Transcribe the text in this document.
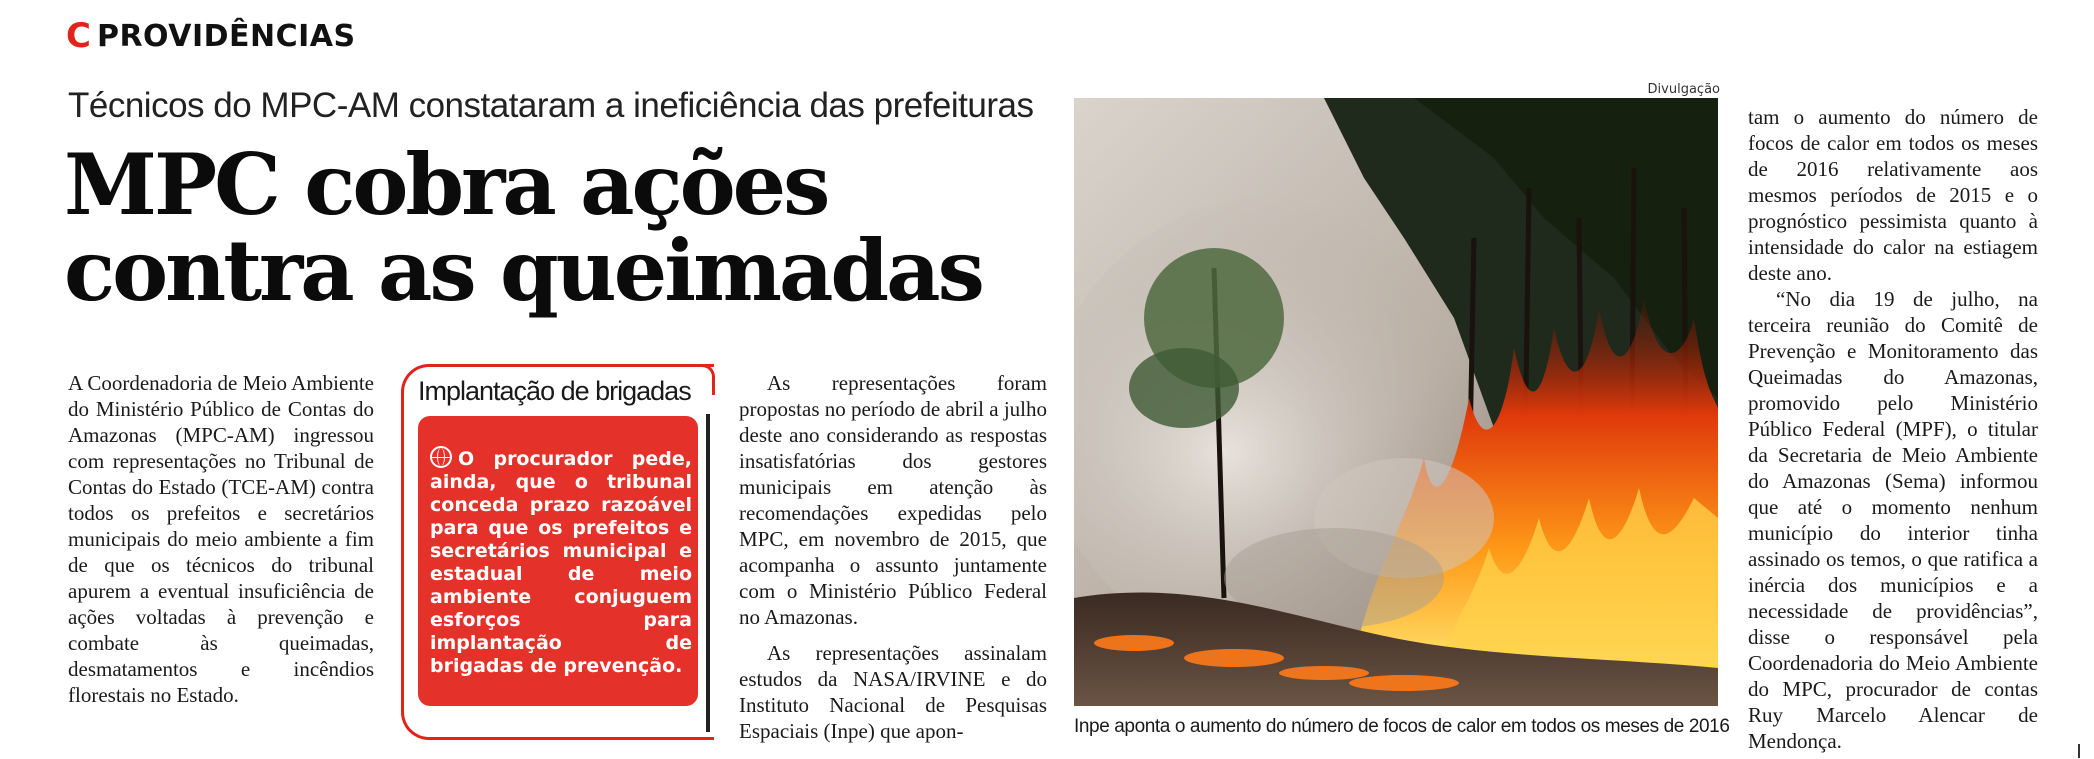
C PROVIDÊNCIAS
Técnicos do MPC-AM constataram a ineficiência das prefeituras
MPC cobra ações
contra as queimadas

A Coordenadoria de Meio Ambiente do Ministério Público de Contas do Amazonas (MPC-AM) ingressou com representações no Tribunal de Contas do Estado (TCE-AM) contra todos os prefeitos e secretários municipais do meio ambiente a fim de que os técnicos do tribunal apurem a eventual insuficiência de ações voltadas à prevenção e combate às queimadas, desmatamentos e incêndios florestais no Estado.

Implantação de brigadas
O procurador pede, ainda, que o tribunal conceda prazo razoável para que os prefeitos e secretários municipal e estadual de meio ambiente conjuguem esforços para implantação de brigadas de prevenção.

As representações foram propostas no período de abril a julho deste ano considerando as respostas insatisfatórias dos gestores municipais em atenção às recomendações expedidas pelo MPC, em novembro de 2015, que acompanha o assunto juntamente com o Ministério Público Federal no Amazonas.

As representações assinalam estudos da NASA/IRVINE e do Instituto Nacional de Pesquisas Espaciais (Inpe) que apon-

Divulgação
Inpe aponta o aumento do número de focos de calor em todos os meses de 2016

tam o aumento do número de focos de calor em todos os meses de 2016 relativamente aos mesmos períodos de 2015 e o prognóstico pessimista quanto à intensidade do calor na estiagem deste ano.

“No dia 19 de julho, na terceira reunião do Comitê de Prevenção e Monitoramento das Queimadas do Amazonas, promovido pelo Ministério Público Federal (MPF), o titular da Secretaria de Meio Ambiente do Amazonas (Sema) informou que até o momento nenhum município do interior tinha assinado os temos, o que ratifica a inércia dos municípios e a necessidade de providências”, disse o responsável pela Coordenadoria do Meio Ambiente do MPC, procurador de contas Ruy Marcelo Alencar de Mendonça.
